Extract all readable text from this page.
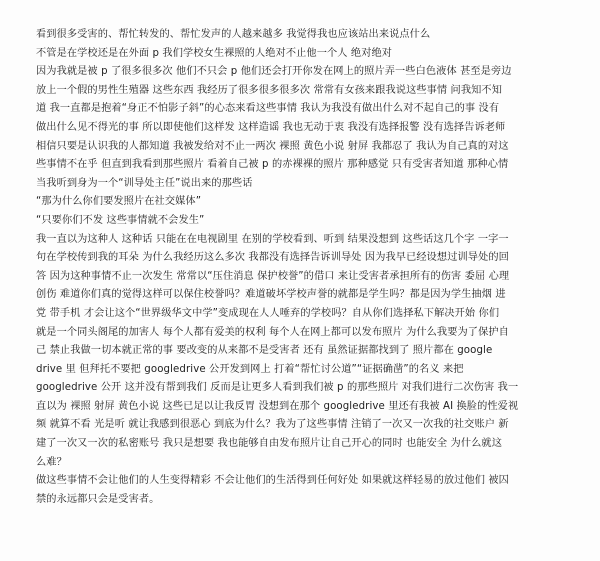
看到很多受害的、帮忙转发的、帮忙发声的人越来越多 我觉得我也应该站出来说点什么
不管是在学校还是在外面 p 我们学校女生裸照的人绝对不止他一个人 绝对绝对
因为我就是被 p 了很多很多次 他们不只会 p 他们还会打开你发在网上的照片弄一些白色液体 甚至是旁边
放上一个假的男性生殖器 这些东西 我经历了很多很多很多次 常常有女孩来跟我说这些事情 问我知不知
道 我一直都是抱着“身正不怕影子斜”的心态来看这些事情 我认为我没有做出什么对不起自己的事 没有
做出什么见不得光的事 所以即使他们这样发 这样造谣 我也无动于衷 我没有选择报警 没有选择告诉老师
相信只要是认识我的人都知道 我被发给对不止一两次 裸照 黄色小说 射屏 我都忍了 我认为自己真的对这
些事情不在乎 但直到我看到那些照片 看着自己被 p 的赤裸裸的照片 那种感觉 只有受害者知道 那种心情
当我听到身为一个“训导处主任”说出来的那些话
“那为什么你们要发照片在社交媒体”
“只要你们不发 这些事情就不会发生”
我一直以为这种人 这种话 只能在在电视剧里 在别的学校看到、听到 结果没想到 这些话这几个字 一字一
句在学校传到我的耳朵 为什么我经历这么多次 我都没有选择告诉训导处 因为我早已经设想过训导处的回
答 因为这种事情不止一次发生 常常以“压住消息 保护校誉”的借口 来让受害者承担所有的伤害 委屈 心理
创伤 难道你们真的觉得这样可以保住校誉吗？难道破坏学校声誉的就都是学生吗？都是因为学生抽烟 进
党 带手机 才会让这个“世界级华文中学”变成现在人人唾弃的学校吗？自从你们选择私下解决开始 你们
就是一个同头阁尾的加害人 每个人都有爱美的权利 每个人在网上都可以发布照片 为什么我要为了保护自
己 禁止我做一切本就正常的事 要改变的从来都不是受害者 还有 虽然证据都找到了 照片都在 google
drive 里 但拜托不要把 googledrive 公开发到网上 打着“帮忙讨公道”“证据确凿”的名义 来把
googledrive 公开 这并没有帮到我们 反而是让更多人看到我们被 p 的那些照片 对我们进行二次伤害 我一
直以为 裸照 射屏 黄色小说 这些已足以让我反胃 没想到在那个 googledrive 里还有我被 AI 换脸的性爱视
频 就算不看 光是听 就让我感到很恶心 到底为什么？我为了这些事情 注销了一次又一次我的社交账户 新
建了一次又一次的私密账号 我只是想要 我也能够自由发布照片让自己开心的同时 也能安全 为什么就这
么难？
做这些事情不会让他们的人生变得精彩 不会让他们的生活得到任何好处 如果就这样轻易的放过他们 被囚
禁的永远都只会是受害者。
